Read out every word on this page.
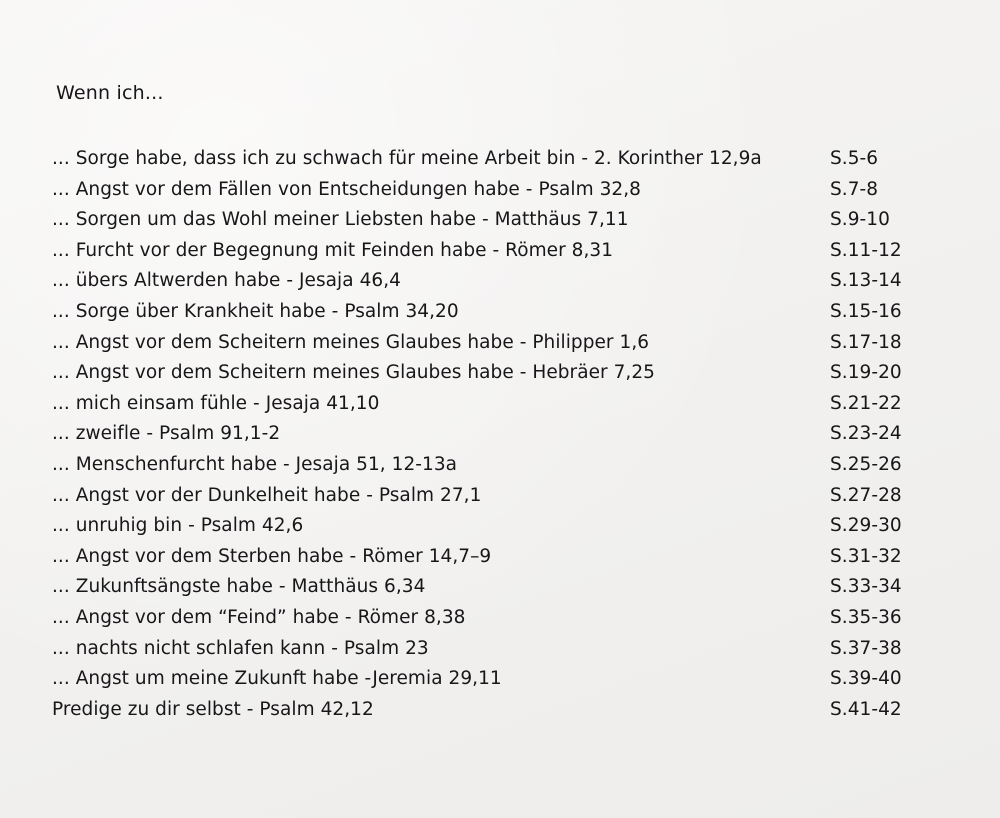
Wenn ich...
... Sorge habe, dass ich zu schwach für meine Arbeit bin - 2. Korinther 12,9a	S.5-6
... Angst vor dem Fällen von Entscheidungen habe - Psalm 32,8	S.7-8
... Sorgen um das Wohl meiner Liebsten habe - Matthäus 7,11	S.9-10
... Furcht vor der Begegnung mit Feinden habe - Römer 8,31	S.11-12
... übers Altwerden habe - Jesaja 46,4	S.13-14
... Sorge über Krankheit habe - Psalm 34,20	S.15-16
... Angst vor dem Scheitern meines Glaubes habe - Philipper 1,6	S.17-18
... Angst vor dem Scheitern meines Glaubes habe - Hebräer 7,25	S.19-20
... mich einsam fühle - Jesaja 41,10	S.21-22
... zweifle - Psalm 91,1-2	S.23-24
... Menschenfurcht habe - Jesaja 51, 12-13a	S.25-26
... Angst vor der Dunkelheit habe - Psalm 27,1	S.27-28
... unruhig bin - Psalm 42,6	S.29-30
... Angst vor dem Sterben habe - Römer 14,7–9	S.31-32
... Zukunftsängste habe - Matthäus 6,34	S.33-34
... Angst vor dem “Feind” habe - Römer 8,38	S.35-36
... nachts nicht schlafen kann - Psalm 23	S.37-38
... Angst um meine Zukunft habe -Jeremia 29,11	S.39-40
Predige zu dir selbst - Psalm 42,12	S.41-42
